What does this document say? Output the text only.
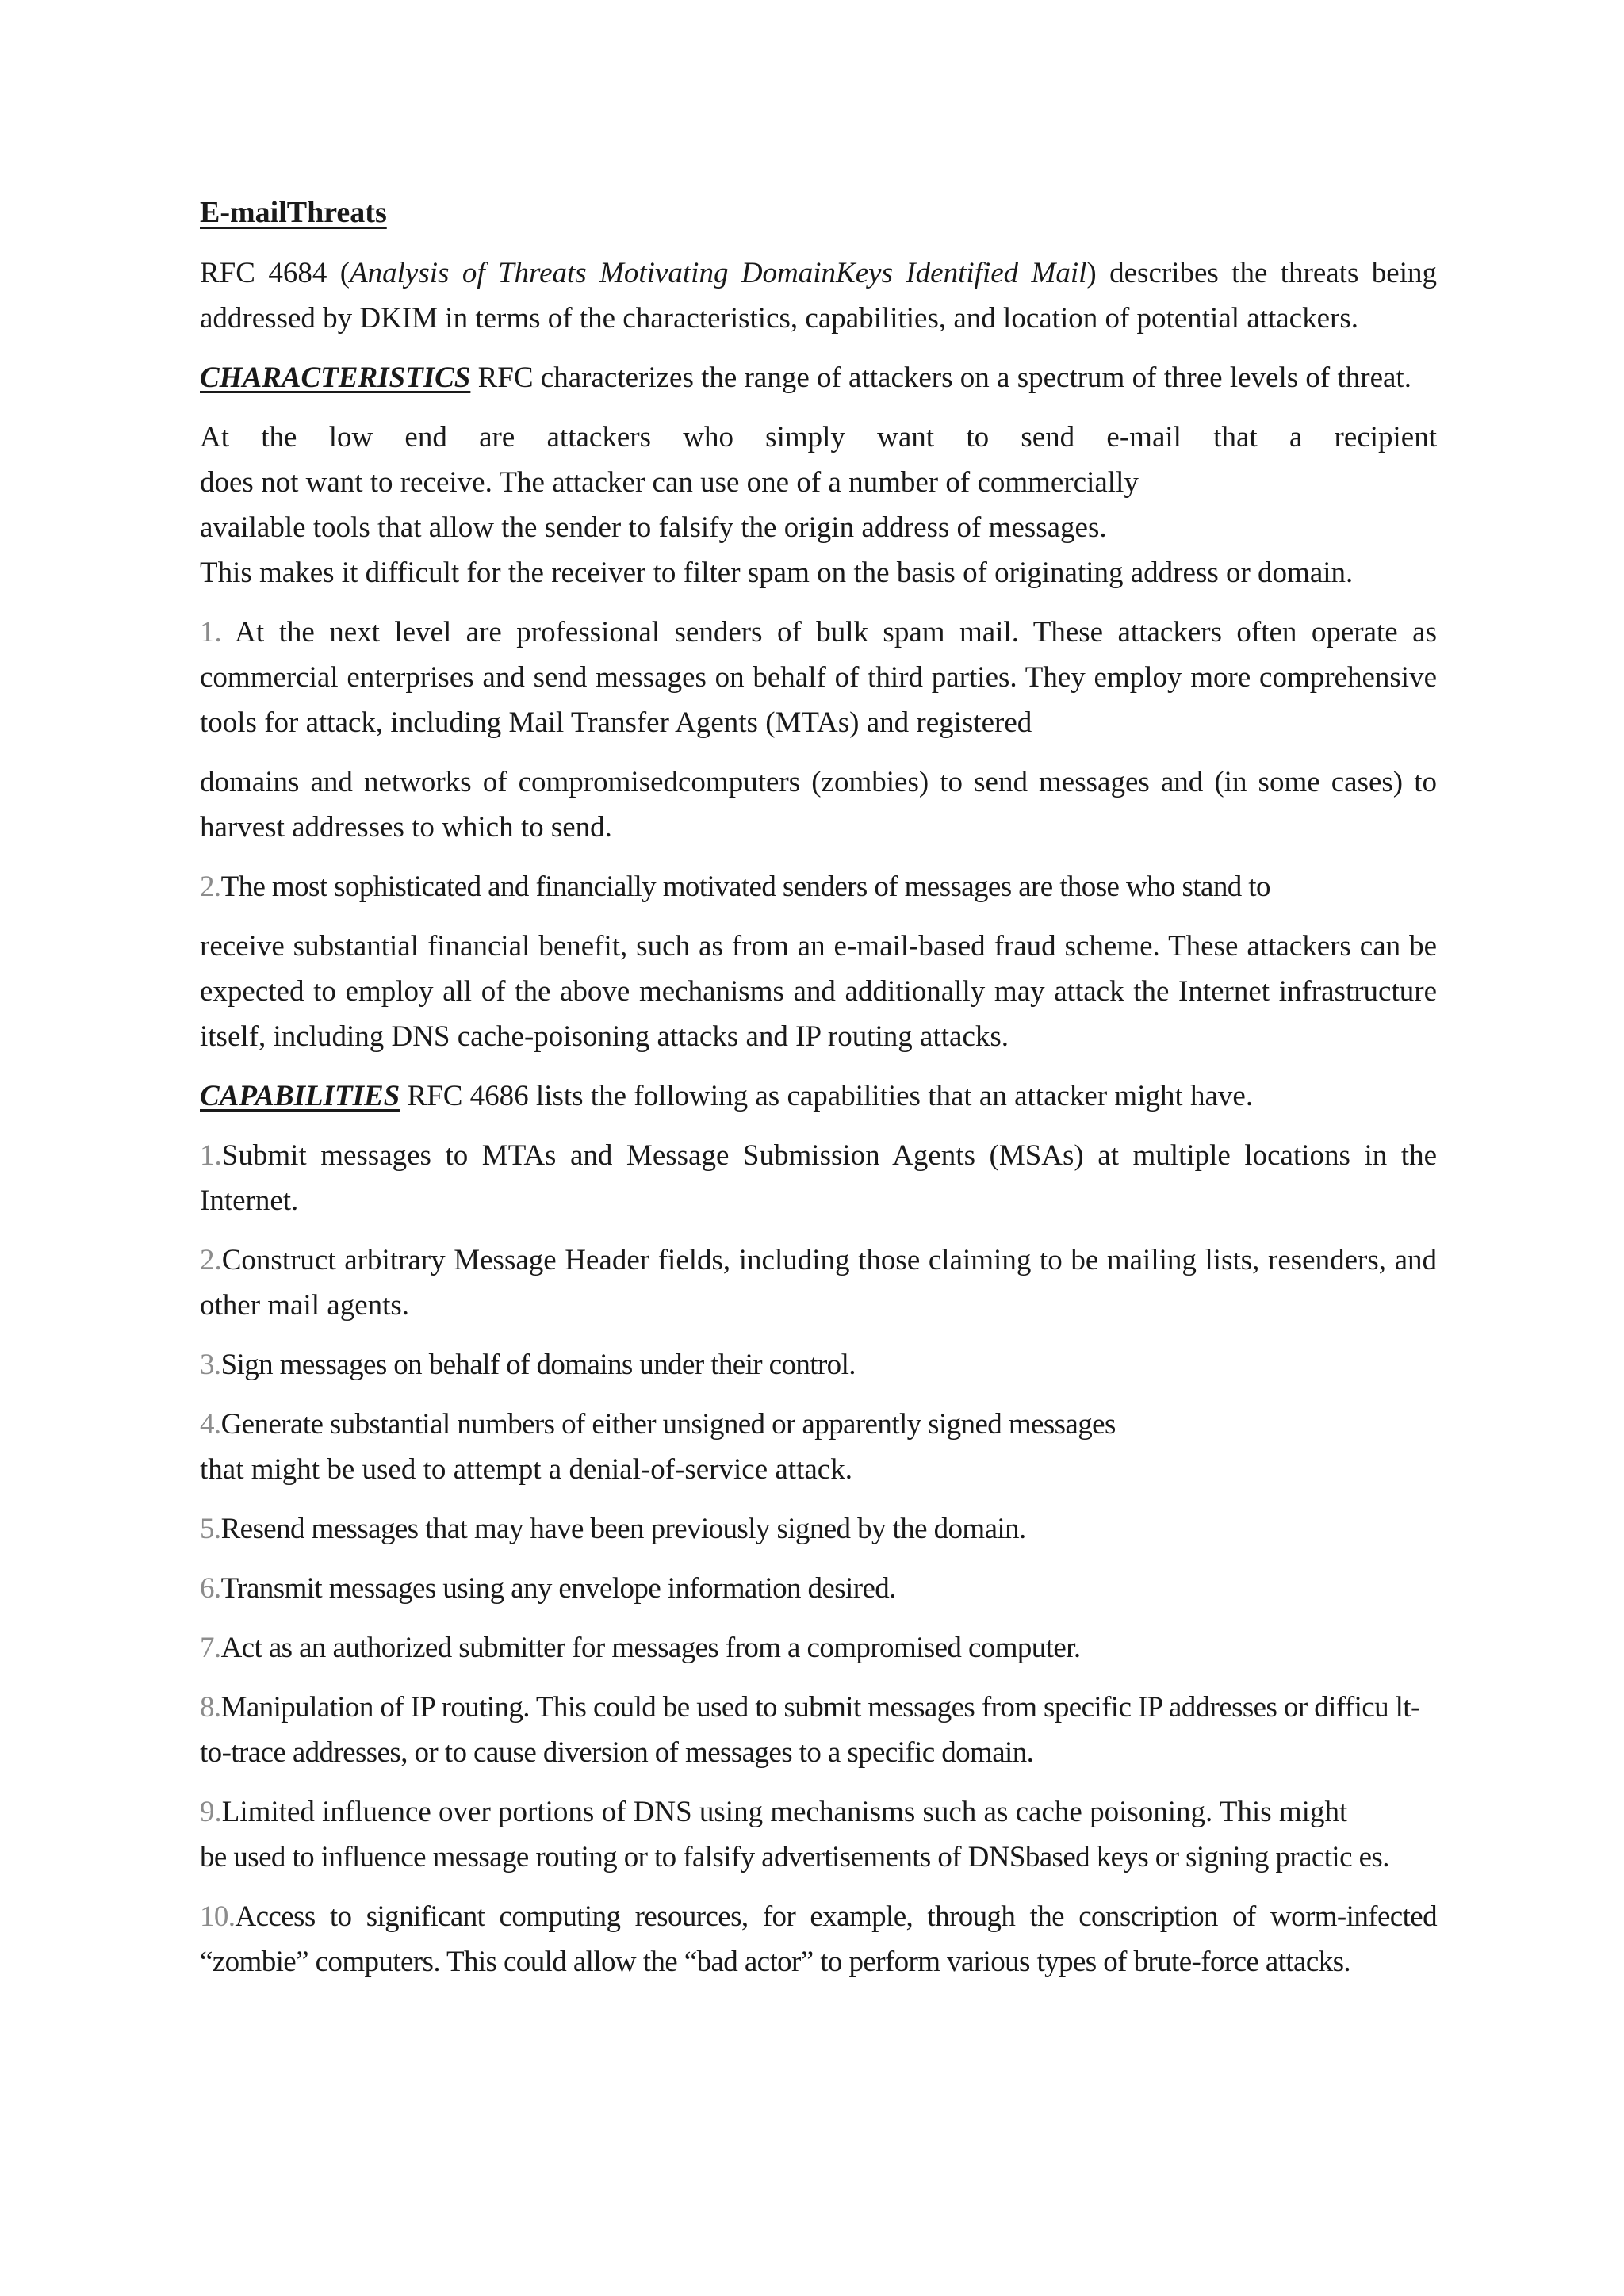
E-mailThreats

RFC 4684 (Analysis of Threats Motivating DomainKeys Identified Mail) describes the threats being addressed by DKIM in terms of the characteristics, capabilities, and location of potential attackers.

CHARACTERISTICS RFC characterizes the range of attackers on a spectrum of three levels of threat.

At the low end are attackers who simply want to send e-mail that a recipient
does not want to receive. The attacker can use one of a number of commercially
available tools that allow the sender to falsify the origin address of messages.
This makes it difficult for the receiver to filter spam on the basis of originating address or domain.

1. At the next level are professional senders of bulk spam mail. These attackers often operate as commercial enterprises and send messages on behalf of third parties. They employ more comprehensive tools for attack, including Mail Transfer Agents (MTAs) and registered

domains and networks of compromisedcomputers (zombies) to send messages and (in some cases) to harvest addresses to which to send.

2.The most sophisticated and financially motivated senders of messages are those who stand to

receive substantial financial benefit, such as from an e-mail-based fraud scheme. These attackers can be expected to employ all of the above mechanisms and additionally may attack the Internet infrastructure itself, including DNS cache-poisoning attacks and IP routing attacks.

CAPABILITIES RFC 4686 lists the following as capabilities that an attacker might have.

1.Submit messages to MTAs and Message Submission Agents (MSAs) at multiple locations in the Internet.

2.Construct arbitrary Message Header fields, including those claiming to be mailing lists, resenders, and other mail agents.

3.Sign messages on behalf of domains under their control.

4.Generate substantial numbers of either unsigned or apparently signed messages
that might be used to attempt a denial-of-service attack.

5.Resend messages that may have been previously signed by the domain.

6.Transmit messages using any envelope information desired.

7.Act as an authorized submitter for messages from a compromised computer.

8.Manipulation of IP routing. This could be used to submit messages from specific IP addresses or difficu lt-to-trace addresses, or to cause diversion of messages to a specific domain.

9.Limited influence over portions of DNS using mechanisms such as cache poisoning. This might
be used to influence message routing or to falsify advertisements of DNSbased keys or signing practic es.

10.Access to significant computing resources, for example, through the conscription of worm-infected “zombie” computers. This could allow the “bad actor” to perform various types of brute-force attacks.
